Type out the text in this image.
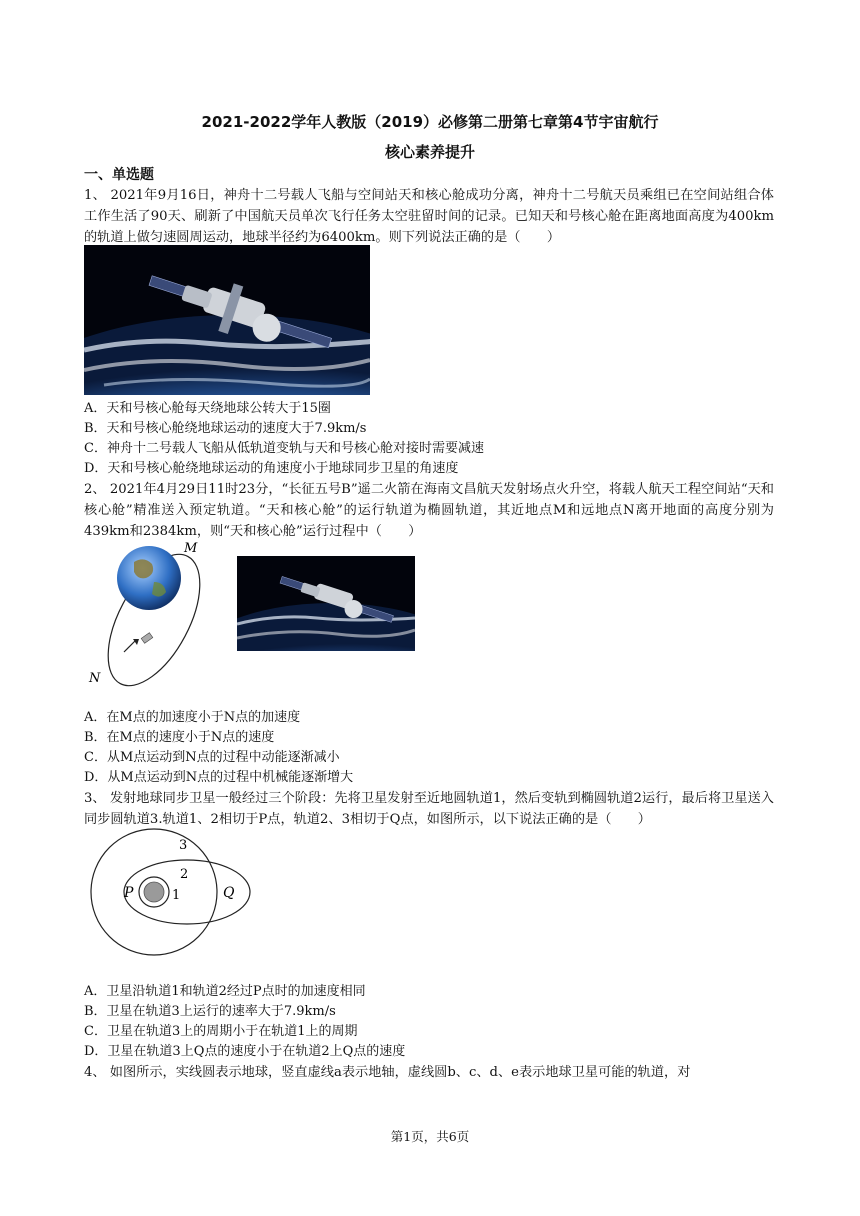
2021-2022学年人教版（2019）必修第二册第七章第4节宇宙航行
核心素养提升
一、单选题
1、 2021年9月16日，神舟十二号载人飞船与空间站天和核心舱成功分离，神舟十二号航天员乘组已在空间站组合体工作生活了90天、刷新了中国航天员单次飞行任务太空驻留时间的记录。已知天和号核心舱在距离地面高度为400km的轨道上做匀速圆周运动，地球半径约为6400km。则下列说法正确的是（　　）
A．天和号核心舱每天绕地球公转大于15圈
B．天和号核心舱绕地球运动的速度大于7.9km/s
C．神舟十二号载人飞船从低轨道变轨与天和号核心舱对接时需要减速
D．天和号核心舱绕地球运动的角速度小于地球同步卫星的角速度
2、 2021年4月29日11时23分，“长征五号B”遥二火箭在海南文昌航天发射场点火升空，将载人航天工程空间站“天和核心舱”精准送入预定轨道。“天和核心舱”的运行轨道为椭圆轨道，其近地点M和远地点N离开地面的高度分别为439km和2384km，则“天和核心舱”运行过程中（　　）
M
N
A．在M点的加速度小于N点的加速度
B．在M点的速度小于N点的速度
C．从M点运动到N点的过程中动能逐渐减小
D．从M点运动到N点的过程中机械能逐渐增大
3、 发射地球同步卫星一般经过三个阶段：先将卫星发射至近地圆轨道1，然后变轨到椭圆轨道2运行，最后将卫星送入同步圆轨道3.轨道1、2相切于P点，轨道2、3相切于Q点，如图所示，以下说法正确的是（　　）
P	Q
1
2
3
A．卫星沿轨道1和轨道2经过P点时的加速度相同
B．卫星在轨道3上运行的速率大于7.9km/s
C．卫星在轨道3上的周期小于在轨道1上的周期
D．卫星在轨道3上Q点的速度小于在轨道2上Q点的速度
4、 如图所示，实线圆表示地球，竖直虚线a表示地轴，虚线圆b、c、d、e表示地球卫星可能的轨道，对
第1页，共6页
